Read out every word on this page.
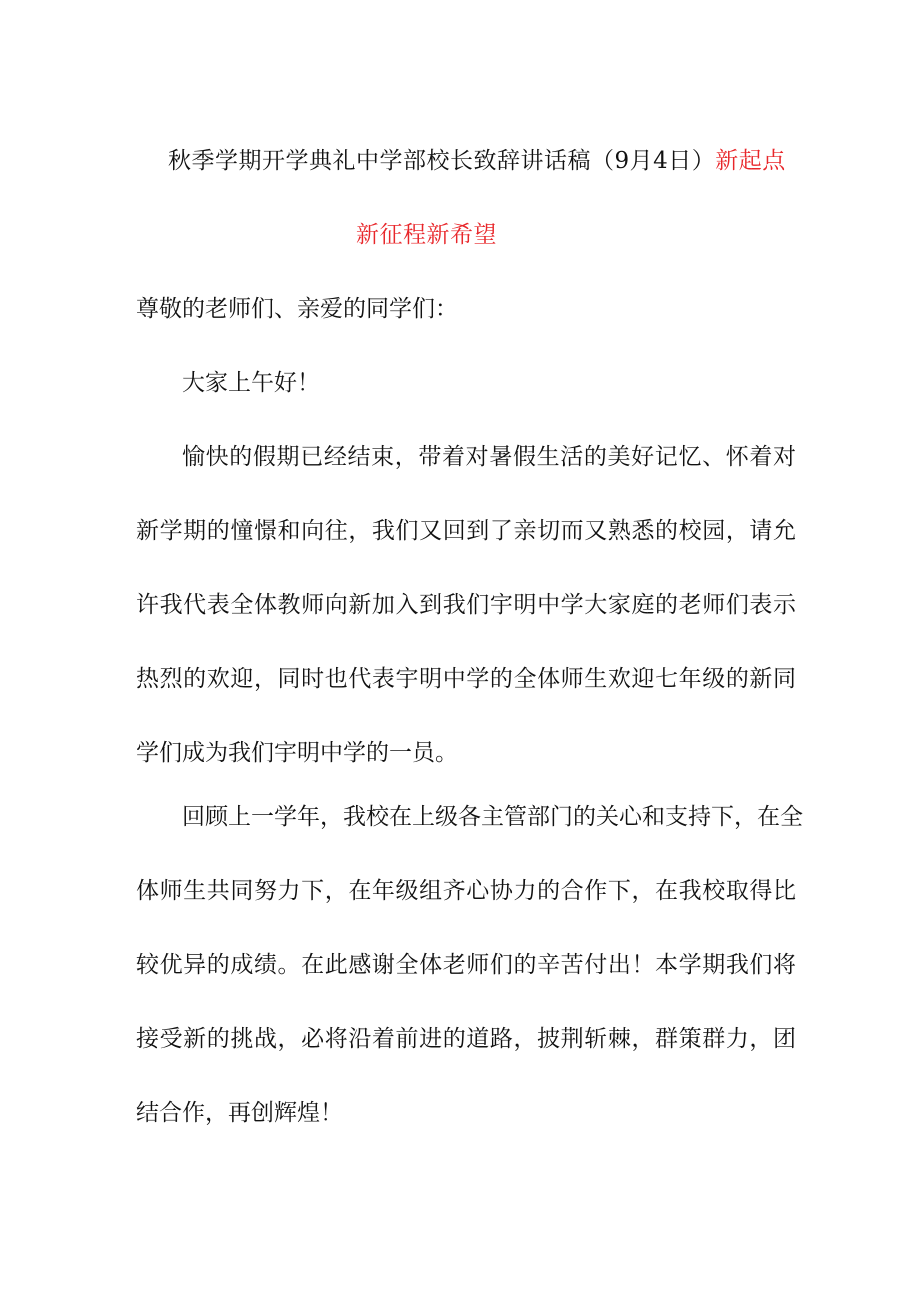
秋季学期开学典礼中学部校长致辞讲话稿（9月4日）新起点
新征程新希望
尊敬的老师们、亲爱的同学们：
大家上午好！
愉快的假期已经结束，带着对暑假生活的美好记忆、怀着对
新学期的憧憬和向往，我们又回到了亲切而又熟悉的校园，请允
许我代表全体教师向新加入到我们宇明中学大家庭的老师们表示
热烈的欢迎，同时也代表宇明中学的全体师生欢迎七年级的新同
学们成为我们宇明中学的一员。
回顾上一学年，我校在上级各主管部门的关心和支持下，在全
体师生共同努力下，在年级组齐心协力的合作下，在我校取得比
较优异的成绩。在此感谢全体老师们的辛苦付出！本学期我们将
接受新的挑战，必将沿着前进的道路，披荆斩棘，群策群力，团
结合作，再创辉煌！
